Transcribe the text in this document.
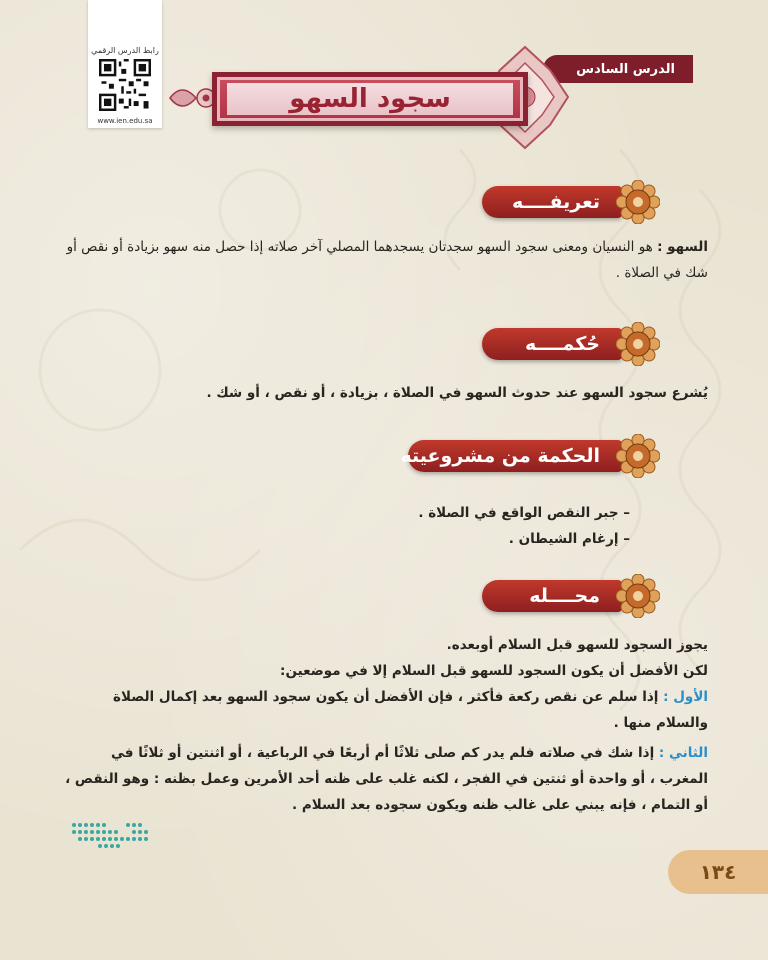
رابط الدرس الرقمي
www.ien.edu.sa
الدرس السادس
سجود السهو
تعريفــــه
السهو : هو النسيان ومعنى سجود السهو سجدتان يسجدهما المصلي آخر صلاته إذا حصل منه سهو بزيادة أو نقص أو شك في الصلاة .
حُكمــــه
يُشرع سجود السهو عند حدوث السهو في الصلاة ، بزيادة ، أو نقص ، أو شك .
الحكمة من مشروعيته
– جبر النقص الواقع في الصلاة .
– إرغام الشيطان .
محــــله
يجوز السجود للسهو قبل السلام أوبعده.
لكن الأفضل أن يكون السجود للسهو قبل السلام إلا في موضعين:
الأول : إذا سلم عن نقص ركعة فأكثر ، فإن الأفضل أن يكون سجود السهو بعد إكمال الصلاة والسلام منها .
الثاني : إذا شك في صلاته فلم يدر كم صلى ثلاثًا أم أربعًا في الرباعية ، أو اثنتين أو ثلاثًا في المغرب ، أو واحدة أو ثنتين في الفجر ، لكنه غلب على ظنه أحد الأمرين وعمل بظنه : وهو النقص ، أو التمام ، فإنه يبني على غالب ظنه ويكون سجوده بعد السلام .
١٣٤
